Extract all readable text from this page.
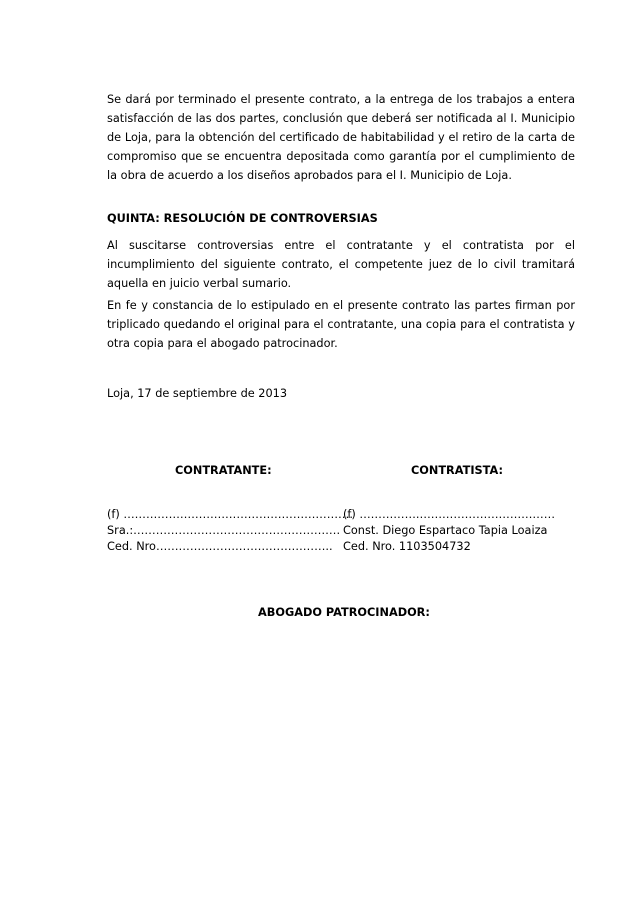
Se dará por terminado el presente contrato, a la entrega de los trabajos a entera satisfacción de las dos partes, conclusión que deberá ser notificada al I. Municipio de Loja, para la obtención del certificado de habitabilidad y el retiro de la carta de compromiso que se encuentra depositada como garantía por el cumplimiento de la obra de acuerdo a los diseños aprobados para el I. Municipio de Loja.

QUINTA: RESOLUCIÓN DE CONTROVERSIAS

Al suscitarse controversias entre el contratante y el contratista por el incumplimiento del siguiente contrato, el competente juez de lo civil tramitará aquella en juicio verbal sumario.

En fe y constancia de lo estipulado en el presente contrato las partes firman por triplicado quedando el original para el contratante, una copia para el contratista y otra copia para el abogado patrocinador.

Loja, 17 de septiembre de 2013

CONTRATANTE:

(f) …………………………………………………….

Sra.:……………………………………………….

Ced. Nro………………………………………..

CONTRATISTA:

(f) …………….………………………………

Const. Diego Espartaco Tapia Loaiza

Ced. Nro. 1103504732

ABOGADO PATROCINADOR:
